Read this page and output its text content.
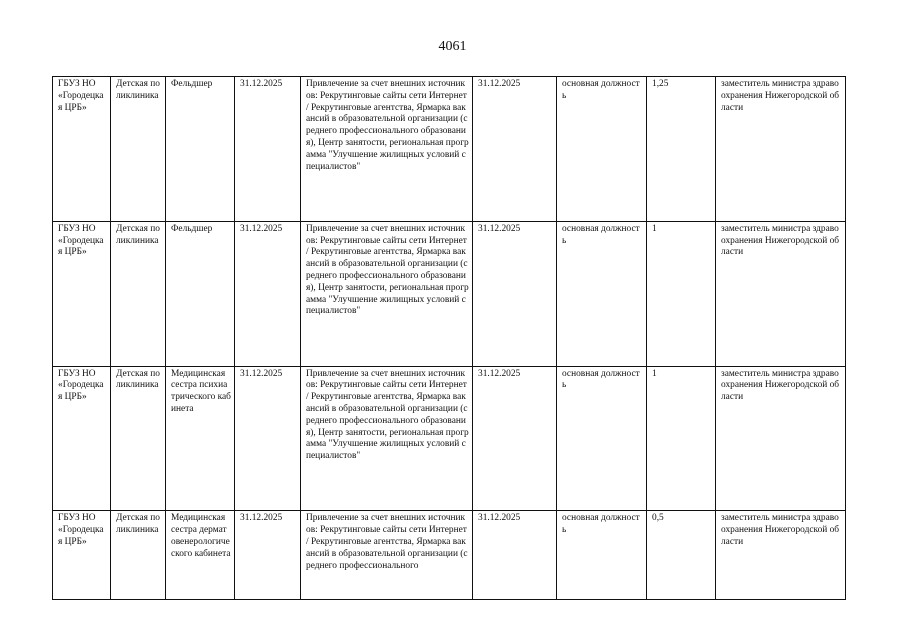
4061
ГБУЗ НО «Городецкая ЦРБ»	Детская поликлиника	Фельдшер	31.12.2025	Привлечение за счет внешних источников: Рекрутинговые сайты сети Интернет / Рекрутинговые агентства, Ярмарка вакансий в образовательной организации (среднего профессионального образования), Центр занятости, региональная программа "Улучшение жилищных условий специалистов"	31.12.2025	основная должность	1,25	заместитель министра здравоохранения Нижегородской области
ГБУЗ НО «Городецкая ЦРБ»	Детская поликлиника	Фельдшер	31.12.2025	Привлечение за счет внешних источников: Рекрутинговые сайты сети Интернет / Рекрутинговые агентства, Ярмарка вакансий в образовательной организации (среднего профессионального образования), Центр занятости, региональная программа "Улучшение жилищных условий специалистов"	31.12.2025	основная должность	1	заместитель министра здравоохранения Нижегородской области
ГБУЗ НО «Городецкая ЦРБ»	Детская поликлиника	Медицинская сестра психиатрического кабинета	31.12.2025	Привлечение за счет внешних источников: Рекрутинговые сайты сети Интернет / Рекрутинговые агентства, Ярмарка вакансий в образовательной организации (среднего профессионального образования), Центр занятости, региональная программа "Улучшение жилищных условий специалистов"	31.12.2025	основная должность	1	заместитель министра здравоохранения Нижегородской области
ГБУЗ НО «Городецкая ЦРБ»	Детская поликлиника	Медицинская сестра дерматовенерологического кабинета	31.12.2025	Привлечение за счет внешних источников: Рекрутинговые сайты сети Интернет / Рекрутинговые агентства, Ярмарка вакансий в образовательной организации (среднего профессионального	31.12.2025	основная должность	0,5	заместитель министра здравоохранения Нижегородской области
